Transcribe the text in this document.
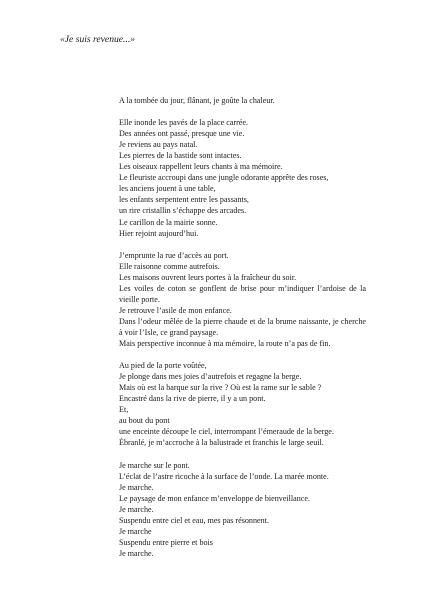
«Je suis revenue...»
A la tombée du jour, flânant, je goûte la chaleur.
Elle inonde les pavés de la place carrée.
Des années ont passé, presque une vie.
Je reviens au pays natal.
Les pierres de la bastide sont intactes.
Les oiseaux rappellent leurs chants à ma mémoire.
Le fleuriste accroupi dans une jungle odorante apprête des roses,
les anciens jouent à une table,
les enfants serpentent entre les passants,
un rire cristallin s’échappe des arcades.
Le carillon de la mairie sonne.
Hier rejoint aujourd’hui.
J’emprunte la rue d’accès au port.
Elle raisonne comme autrefois.
Les maisons ouvrent leurs portes à la fraîcheur du soir.
Les voiles de coton se gonflent de brise pour m’indiquer l’ardoise de la vieille porte.
Je retrouve l’asile de mon enfance.
Dans l’odeur mêlée de la pierre chaude et de la brume naissante, je cherche à voir l’Isle, ce grand paysage.
Mais perspective inconnue à ma mémoire, la route n’a pas de fin.
Au pied de la porte voûtée,
Je plonge dans mes joies d’autrefois et regagne la berge.
Mais où est la barque sur la rive ? Où est la rame sur le sable ?
Encastré dans la rive de pierre, il y a un pont.
Et,
au bout du pont
une enceinte découpe le ciel, interrompant l’émeraude de la berge.
Ébranlé, je m’accroche à la balustrade et franchis le large seuil.
Je marche sur le pont.
L’éclat de l’astre ricoche à la surface de l’onde. La marée monte.
Je marche.
Le paysage de mon enfance m’enveloppe de bienveillance.
Je marche.
Suspendu entre ciel et eau, mes pas résonnent.
Je marche
Suspendu entre pierre et bois
Je marche.
